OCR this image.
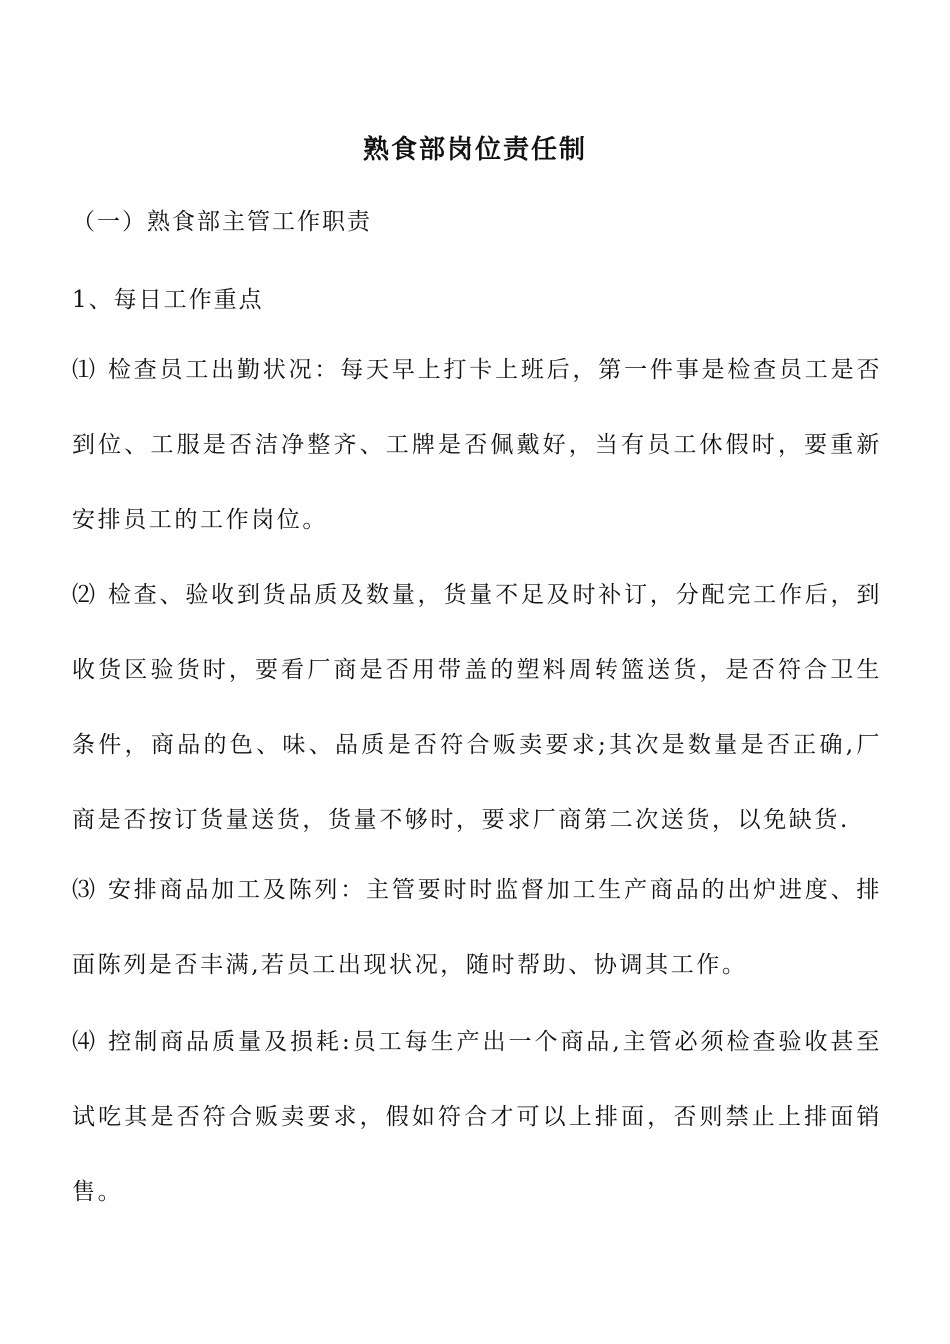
熟食部岗位责任制
（一）熟食部主管工作职责
1、每日工作重点
⑴ 检查员工出勤状况：每天早上打卡上班后，第一件事是检查员工是否到位、工服是否洁净整齐、工牌是否佩戴好，当有员工休假时，要重新安排员工的工作岗位。
⑵ 检查、验收到货品质及数量，货量不足及时补订，分配完工作后，到收货区验货时，要看厂商是否用带盖的塑料周转篮送货，是否符合卫生条件，商品的色、味、品质是否符合贩卖要求;其次是数量是否正确,厂商是否按订货量送货，货量不够时，要求厂商第二次送货，以免缺货.
⑶ 安排商品加工及陈列：主管要时时监督加工生产商品的出炉进度、排面陈列是否丰满,若员工出现状况，随时帮助、协调其工作。
⑷ 控制商品质量及损耗:员工每生产出一个商品,主管必须检查验收甚至试吃其是否符合贩卖要求，假如符合才可以上排面，否则禁止上排面销售。
